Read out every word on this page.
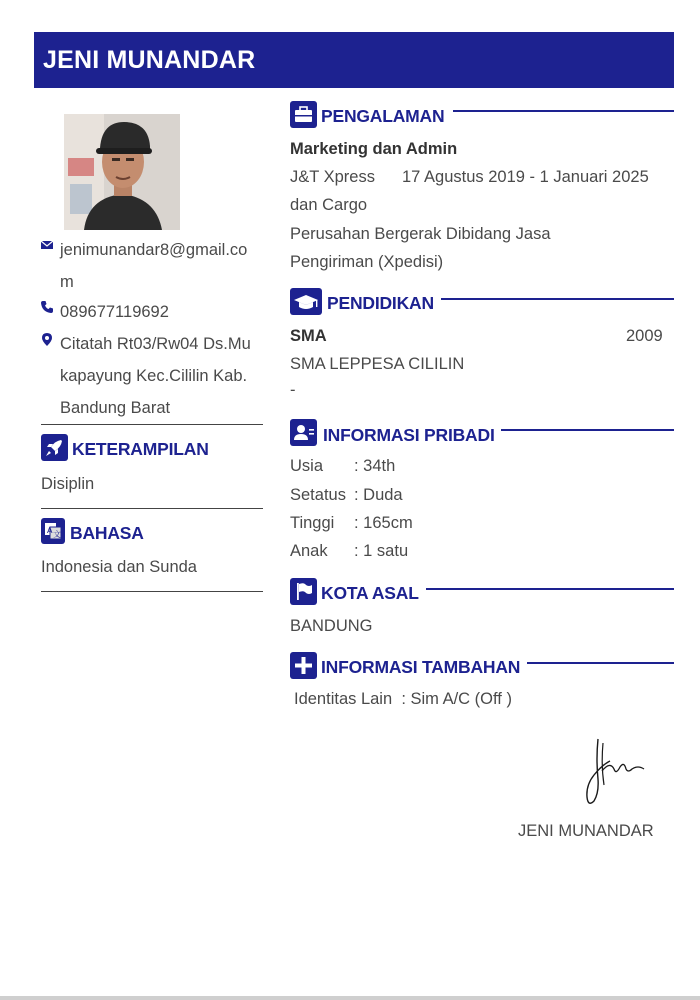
JENI MUNANDAR
jenimunandar8@gmail.co
m
089677119692
Citatah Rt03/Rw04 Ds.Mu
kapayung Kec.Cililin Kab.
Bandung Barat
KETERAMPILAN
Disiplin
A 文 BAHASA
Indonesia dan Sunda
PENGALAMAN
Marketing dan Admin
J&T Xpress 17 Agustus 2019 - 1 Januari 2025
dan Cargo
Perusahan Bergerak Dibidang Jasa
Pengiriman (Xpedisi)
PENDIDIKAN
SMA	2009
SMA LEPPESA CILILIN
-
INFORMASI PRIBADI
Usia : 34th
Setatus : Duda
Tinggi : 165cm
Anak : 1 satu
KOTA ASAL
BANDUNG
INFORMASI TAMBAHAN
Identitas Lain  : Sim A/C (Off )
JENI MUNANDAR
